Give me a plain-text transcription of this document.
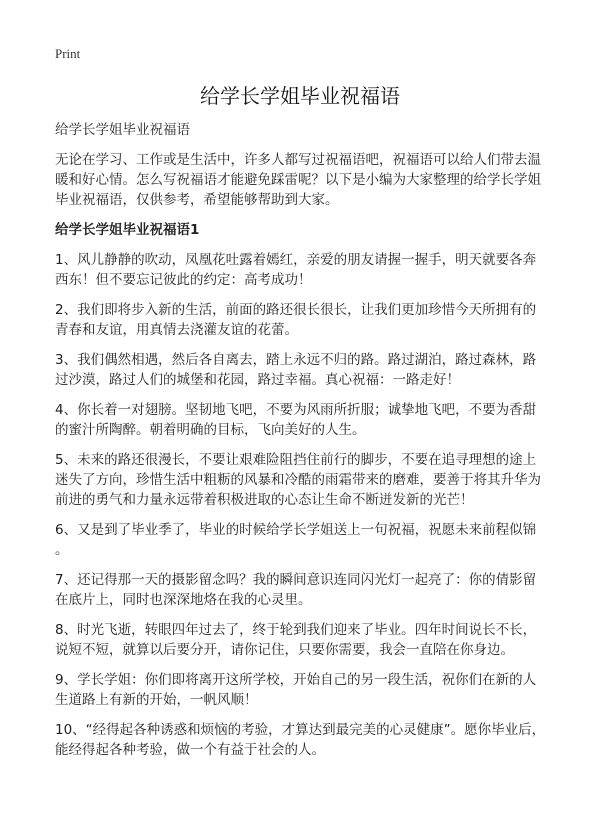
Print
给学长学姐毕业祝福语

给学长学姐毕业祝福语

无论在学习、工作或是生活中，许多人都写过祝福语吧，祝福语可以给人们带去温
暖和好心情。怎么写祝福语才能避免踩雷呢？以下是小编为大家整理的给学长学姐
毕业祝福语，仅供参考，希望能够帮助到大家。

给学长学姐毕业祝福语1

1、风儿静静的吹动，凤凰花吐露着嫣红，亲爱的朋友请握一握手，明天就要各奔
西东！但不要忘记彼此的约定：高考成功！

2、我们即将步入新的生活，前面的路还很长很长，让我们更加珍惜今天所拥有的
青春和友谊，用真情去浇灌友谊的花蕾。

3、我们偶然相遇，然后各自离去，踏上永远不归的路。路过湖泊，路过森林，路
过沙漠，路过人们的城堡和花园，路过幸福。真心祝福：一路走好！

4、你长着一对翅膀。坚韧地飞吧，不要为风雨所折服；诚挚地飞吧，不要为香甜
的蜜汁所陶醉。朝着明确的目标，飞向美好的人生。

5、未来的路还很漫长，不要让艰难险阻挡住前行的脚步，不要在追寻理想的途上
迷失了方向，珍惜生活中粗粝的风暴和冷酷的雨霜带来的磨难，要善于将其升华为
前进的勇气和力量永远带着积极进取的心态让生命不断迸发新的光芒！

6、又是到了毕业季了，毕业的时候给学长学姐送上一句祝福，祝愿未来前程似锦
。

7、还记得那一天的摄影留念吗？我的瞬间意识连同闪光灯一起亮了：你的倩影留
在底片上，同时也深深地烙在我的心灵里。

8、时光飞逝，转眼四年过去了，终于轮到我们迎来了毕业。四年时间说长不长，
说短不短，就算以后要分开，请你记住，只要你需要，我会一直陪在你身边。

9、学长学姐：你们即将离开这所学校，开始自己的另一段生活，祝你们在新的人
生道路上有新的开始，一帆风顺！

10、“经得起各种诱惑和烦恼的考验，才算达到最完美的心灵健康”。愿你毕业后，
能经得起各种考验，做一个有益于社会的人。
